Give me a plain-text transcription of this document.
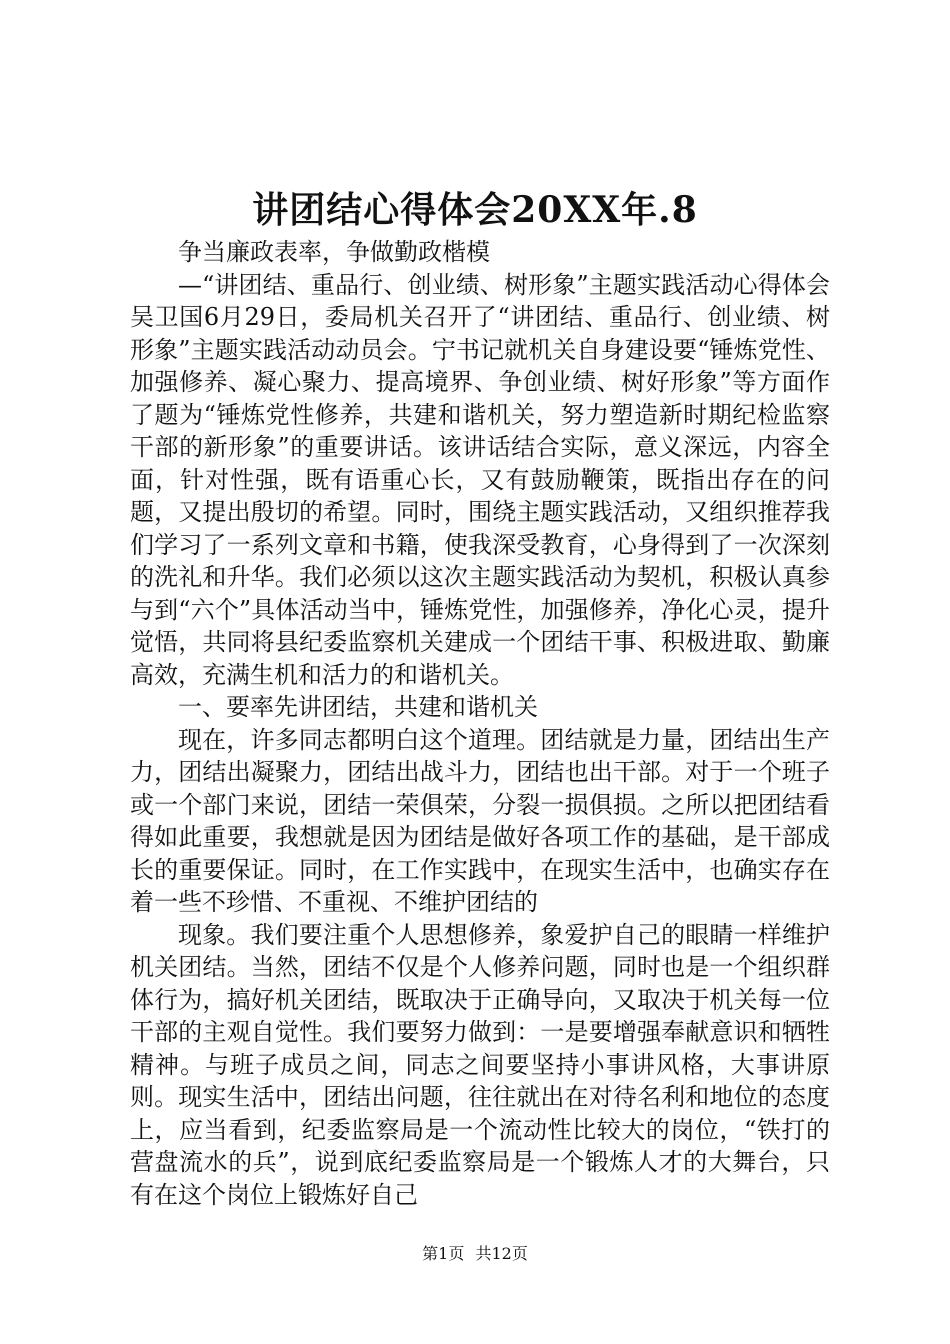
讲团结心得体会20XX年.8

争当廉政表率，争做勤政楷模

—“讲团结、重品行、创业绩、树形象”主题实践活动心得体会吴卫国6月29日，委局机关召开了“讲团结、重品行、创业绩、树形象”主题实践活动动员会。宁书记就机关自身建设要“锤炼党性、加强修养、凝心聚力、提高境界、争创业绩、树好形象”等方面作了题为“锤炼党性修养，共建和谐机关，努力塑造新时期纪检监察干部的新形象”的重要讲话。该讲话结合实际，意义深远，内容全面，针对性强，既有语重心长，又有鼓励鞭策，既指出存在的问题，又提出殷切的希望。同时，围绕主题实践活动，又组织推荐我们学习了一系列文章和书籍，使我深受教育，心身得到了一次深刻的洗礼和升华。我们必须以这次主题实践活动为契机，积极认真参与到“六个”具体活动当中，锤炼党性，加强修养，净化心灵，提升觉悟，共同将县纪委监察机关建成一个团结干事、积极进取、勤廉高效，充满生机和活力的和谐机关。

一、要率先讲团结，共建和谐机关

现在，许多同志都明白这个道理。团结就是力量，团结出生产力，团结出凝聚力，团结出战斗力，团结也出干部。对于一个班子或一个部门来说，团结一荣俱荣，分裂一损俱损。之所以把团结看得如此重要，我想就是因为团结是做好各项工作的基础，是干部成长的重要保证。同时，在工作实践中，在现实生活中，也确实存在着一些不珍惜、不重视、不维护团结的

现象。我们要注重个人思想修养，象爱护自己的眼睛一样维护机关团结。当然，团结不仅是个人修养问题，同时也是一个组织群体行为，搞好机关团结，既取决于正确导向，又取决于机关每一位干部的主观自觉性。我们要努力做到：一是要增强奉献意识和牺牲精神。与班子成员之间，同志之间要坚持小事讲风格，大事讲原则。现实生活中，团结出问题，往往就出在对待名利和地位的态度上，应当看到，纪委监察局是一个流动性比较大的岗位，“铁打的营盘流水的兵”，说到底纪委监察局是一个锻炼人才的大舞台，只有在这个岗位上锻炼好自己

第1页 共12页
